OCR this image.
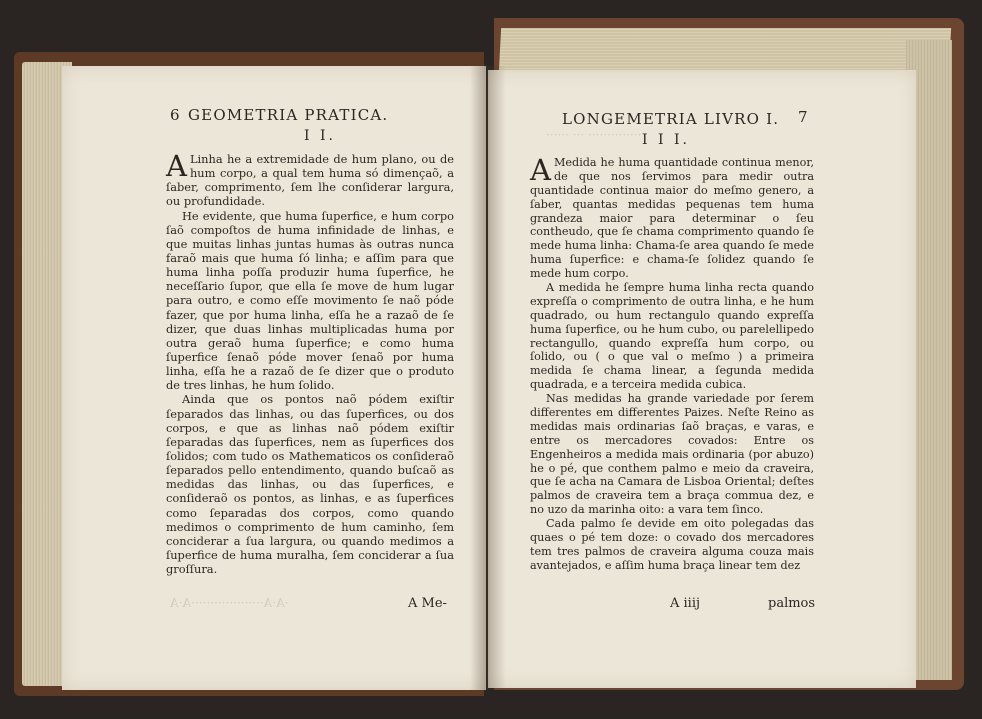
·A·A···················A·A
·············· ··· ······
6 GEOMETRIA PRATICA.
I I.

A Linha he a extremidade de hum plano, ou de hum corpo, a qual tem huma só dimençaõ, a ſaber, comprimento, ſem lhe conſiderar largura, ou profundidade.

He evidente, que huma ſuperfice, e hum corpo ſaõ compoſtos de huma infinidade de linhas, e que muitas linhas juntas humas às outras nunca faraõ mais que huma ſó linha; e aſſim para que huma linha poſſa produzir huma ſuperfice, he neceſſario ſupor, que ella ſe move de hum lugar para outro, e como eſſe movimento ſe naõ póde fazer, que por huma linha, eſſa he a razaõ de ſe dizer, que duas linhas multiplicadas huma por outra geraõ huma ſuperfice; e como huma ſuperfice ſenaõ póde mover ſenaõ por huma linha, eſſa he a razaõ de ſe dizer que o produto de tres linhas, he hum ſolido.

Ainda que os pontos naõ pódem exiſtir ſeparados das linhas, ou das ſuperfices, ou dos corpos, e que as linhas naõ pódem exiſtir ſeparadas das ſuperfices, nem as ſuperfices dos ſolidos; com tudo os Mathematicos os conſideraõ ſeparados pello entendimento, quando buſcaõ as medidas das linhas, ou das ſuperfices, e conſideraõ os pontos, as linhas, e as ſuperfices como ſeparadas dos corpos, como quando medimos o comprimento de hum caminho, ſem conciderar a ſua largura, ou quando medimos a ſuperfice de huma muralha, ſem conciderar a ſua groſſura.

A Me-
LONGEMETRIA LIVRO I. 7
I I I.

A Medida he huma quantidade continua menor, de que nos ſervimos para medir outra quantidade continua maior do meſmo genero, a ſaber, quantas medidas pequenas tem huma grandeza maior para determinar o ſeu contheudo, que ſe chama comprimento quando ſe mede huma linha: Chama-ſe area quando ſe mede huma ſuperfice: e chama-ſe ſolidez quando ſe mede hum corpo.

A medida he ſempre huma linha recta quando expreſſa o comprimento de outra linha, e he hum quadrado, ou hum rectangulo quando expreſſa huma ſuperfice, ou he hum cubo, ou parelellipedo rectangullo, quando expreſſa hum corpo, ou ſolido, ou ( o que val o meſmo ) a primeira medida ſe chama linear, a ſegunda medida quadrada, e a terceira medida cubica.

Nas medidas ha grande variedade por ſerem differentes em differentes Paizes. Neſte Reino as medidas mais ordinarias ſaõ braças, e varas, e entre os mercadores covados: Entre os Engenheiros a medida mais ordinaria (por abuzo) he o pé, que conthem palmo e meio da craveira, que ſe acha na Camara de Lisboa Oriental; deſtes palmos de craveira tem a braça commua dez, e no uzo da marinha oito: a vara tem ſinco.

Cada palmo ſe devide em oito polegadas das quaes o pé tem doze: o covado dos mercadores tem tres palmos de craveira alguma couza mais avantejados, e aſſim huma braça linear tem dez

A iiij	palmos
